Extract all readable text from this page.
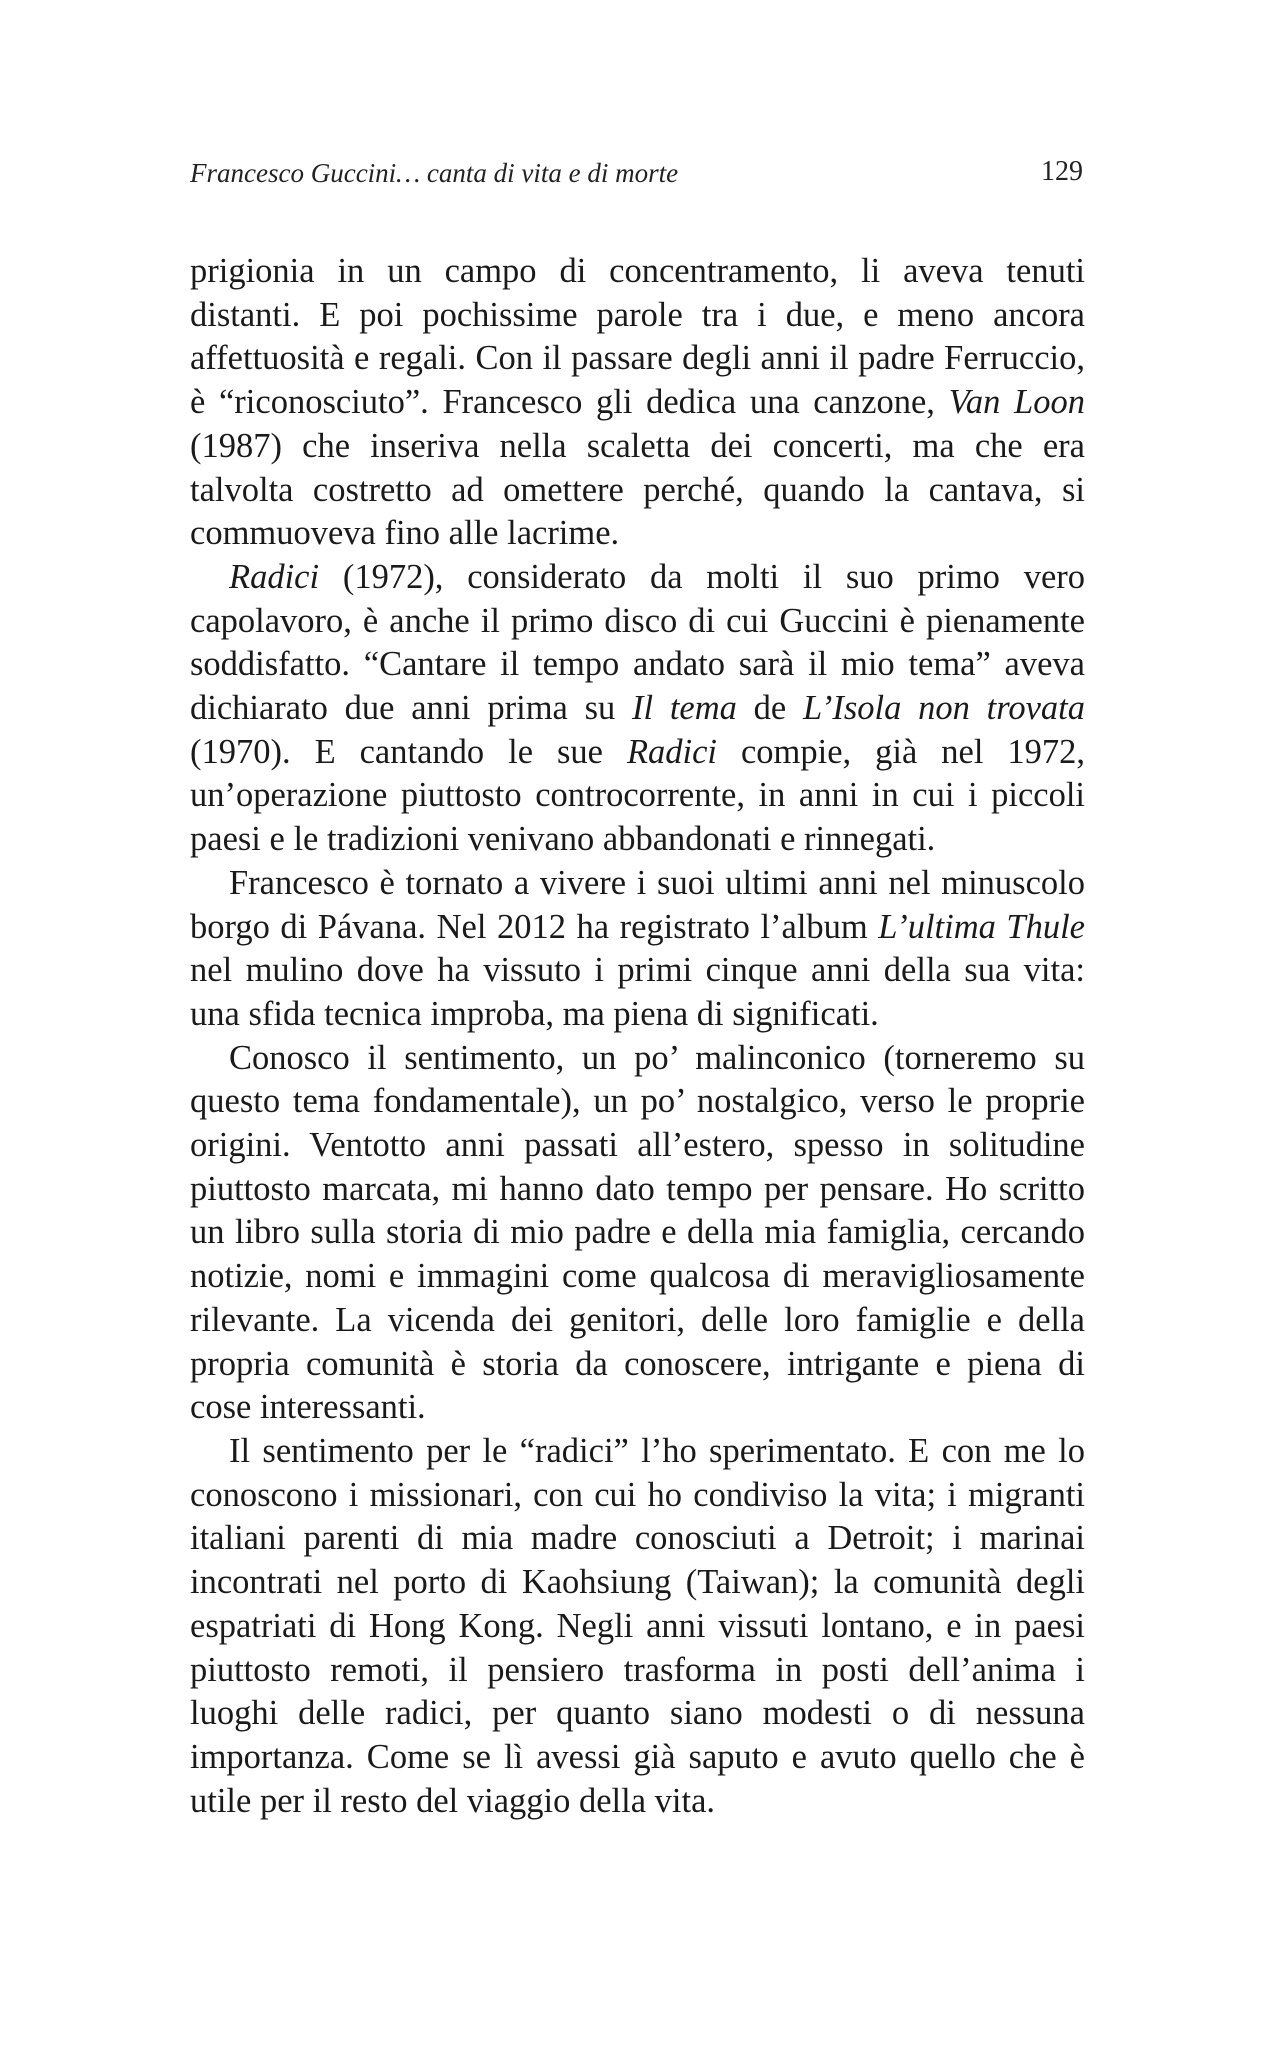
Francesco Guccini… canta di vita e di morte	129

prigionia in un campo di concentramento, li aveva tenuti distanti. E poi pochissime parole tra i due, e meno ancora affettuosità e regali. Con il passare degli anni il padre Ferruccio, è “riconosciuto”. Francesco gli dedica una canzone, Van Loon (1987) che inseriva nella scaletta dei concerti, ma che era talvolta costretto ad omettere perché, quando la cantava, si commuoveva fino alle lacrime.

Radici (1972), considerato da molti il suo primo vero capolavoro, è anche il primo disco di cui Guccini è pienamente soddisfatto. “Cantare il tempo andato sarà il mio tema” aveva dichiarato due anni prima su Il tema de L’Isola non trovata (1970). E cantando le sue Radici compie, già nel 1972, un’operazione piuttosto controcorrente, in anni in cui i piccoli paesi e le tradizioni venivano abbandonati e rinnegati.

Francesco è tornato a vivere i suoi ultimi anni nel minuscolo borgo di Pávana. Nel 2012 ha registrato l’album L’ultima Thule nel mulino dove ha vissuto i primi cinque anni della sua vita: una sfida tecnica improba, ma piena di significati.

Conosco il sentimento, un po’ malinconico (torneremo su questo tema fondamentale), un po’ nostalgico, verso le proprie origini. Ventotto anni passati all’estero, spesso in solitudine piuttosto marcata, mi hanno dato tempo per pensare. Ho scritto un libro sulla storia di mio padre e della mia famiglia, cercando notizie, nomi e immagini come qualcosa di meravigliosamente rilevante. La vicenda dei genitori, delle loro famiglie e della propria comunità è storia da conoscere, intrigante e piena di cose interessanti.

Il sentimento per le “radici” l’ho sperimentato. E con me lo conoscono i missionari, con cui ho condiviso la vita; i migranti italiani parenti di mia madre conosciuti a Detroit; i marinai incontrati nel porto di Kaohsiung (Taiwan); la comunità degli espatriati di Hong Kong. Negli anni vissuti lontano, e in paesi piuttosto remoti, il pensiero trasforma in posti dell’anima i luoghi delle radici, per quanto siano modesti o di nessuna importanza. Come se lì avessi già saputo e avuto quello che è utile per il resto del viaggio della vita.
